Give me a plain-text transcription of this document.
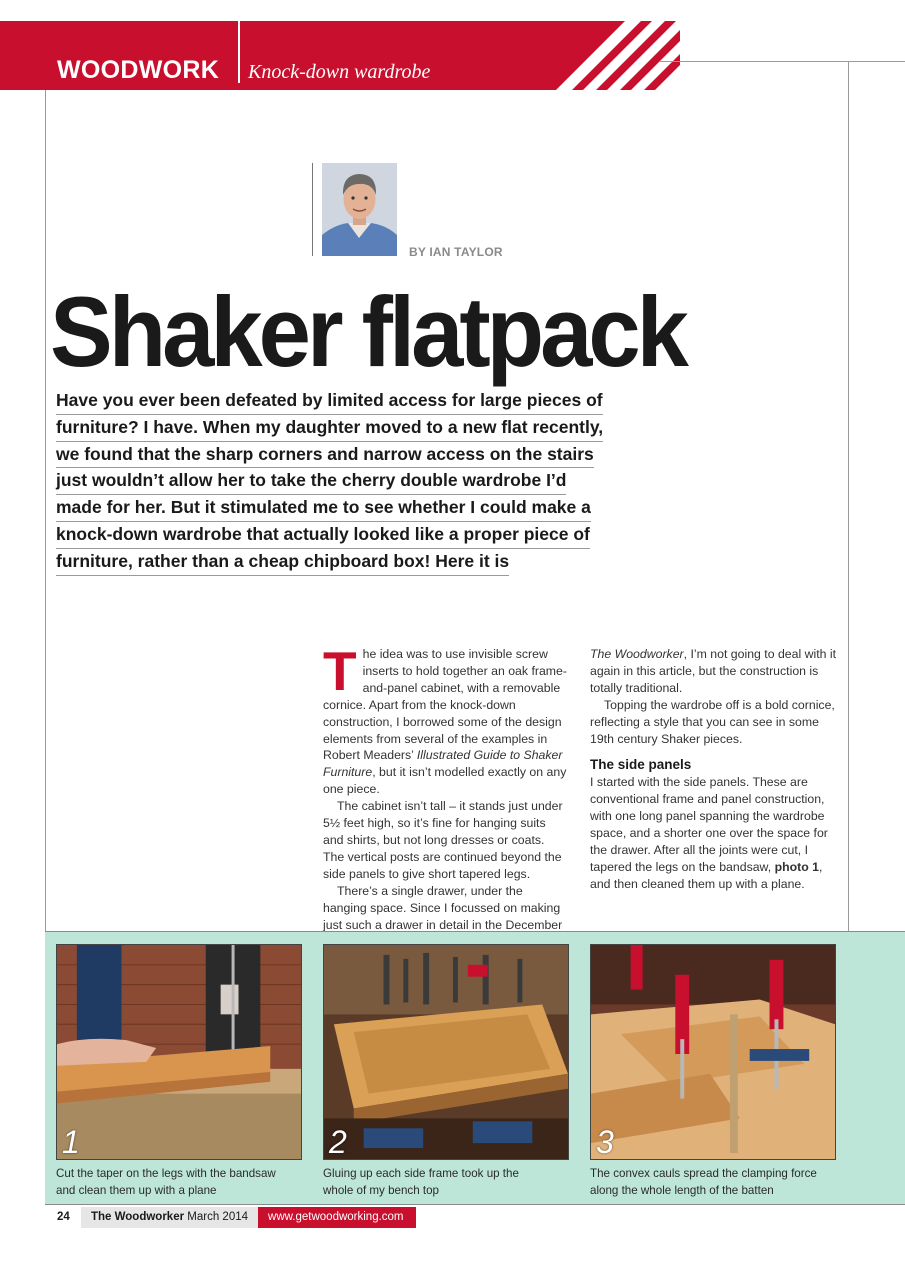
WOODWORK Knock-down wardrobe
BY IAN TAYLOR
Shaker flatpack
Have you ever been defeated by limited access for large pieces of
furniture? I have. When my daughter moved to a new flat recently,
we found that the sharp corners and narrow access on the stairs
just wouldn’t allow her to take the cherry double wardrobe I’d
made for her. But it stimulated me to see whether I could make a
knock-down wardrobe that actually looked like a proper piece of
furniture, rather than a cheap chipboard box! Here it is

The idea was to use invisible screw inserts to hold together an oak frame-and-panel cabinet, with a removable cornice. Apart from the knock-down construction, I borrowed some of the design elements from several of the examples in Robert Meaders’ Illustrated Guide to Shaker Furniture, but it isn’t modelled exactly on any one piece.

The cabinet isn’t tall – it stands just under 5½ feet high, so it’s fine for hanging suits and shirts, but not long dresses or coats. The vertical posts are continued beyond the side panels to give short tapered legs.

There’s a single drawer, under the hanging space. Since I focussed on making just such a drawer in detail in the December

The Woodworker, I’m not going to deal with it again in this article, but the construction is totally traditional.

Topping the wardrobe off is a bold cornice, reflecting a style that you can see in some 19th century Shaker pieces.

The side panels

I started with the side panels. These are conventional frame and panel construction, with one long panel spanning the wardrobe space, and a shorter one over the space for the drawer. After all the joints were cut, I tapered the legs on the bandsaw, photo 1, and then cleaned them up with a plane.

1
Cut the taper on the legs with the bandsaw
and clean them up with a plane
2
Gluing up each side frame took up the
whole of my bench top
3
The convex cauls spread the clamping force
along the whole length of the batten
24	The Woodworker March 2014	www.getwoodworking.com
